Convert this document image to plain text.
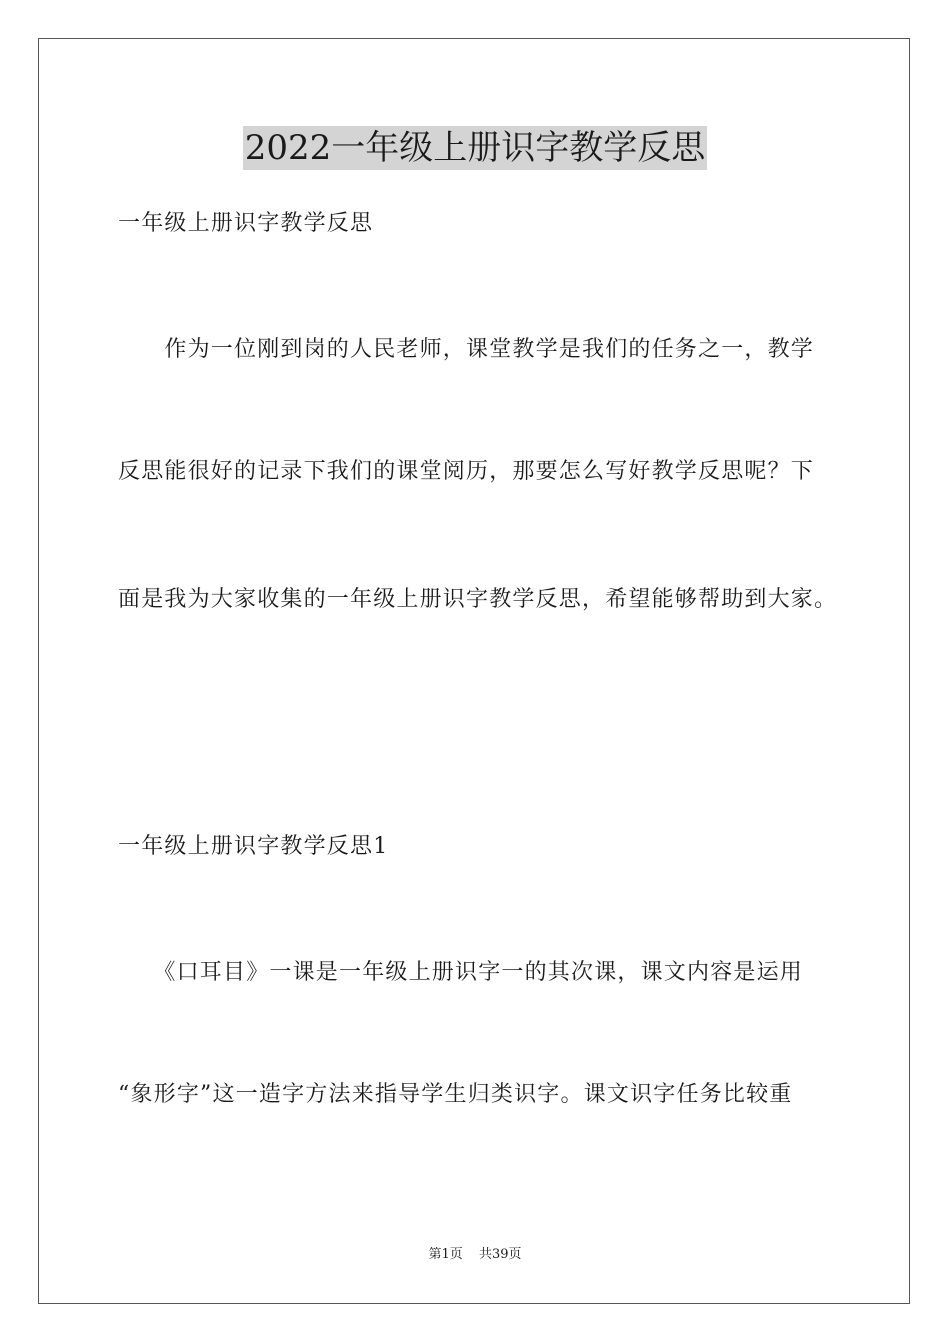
2022一年级上册识字教学反思
一年级上册识字教学反思
　　作为一位刚到岗的人民老师，课堂教学是我们的任务之一，教学
反思能很好的记录下我们的课堂阅历，那要怎么写好教学反思呢？下
面是我为大家收集的一年级上册识字教学反思，希望能够帮助到大家。
一年级上册识字教学反思1
　　《口耳目》一课是一年级上册识字一的其次课，课文内容是运用
“象形字”这一造字方法来指导学生归类识字。课文识字任务比较重
第1页 共39页
